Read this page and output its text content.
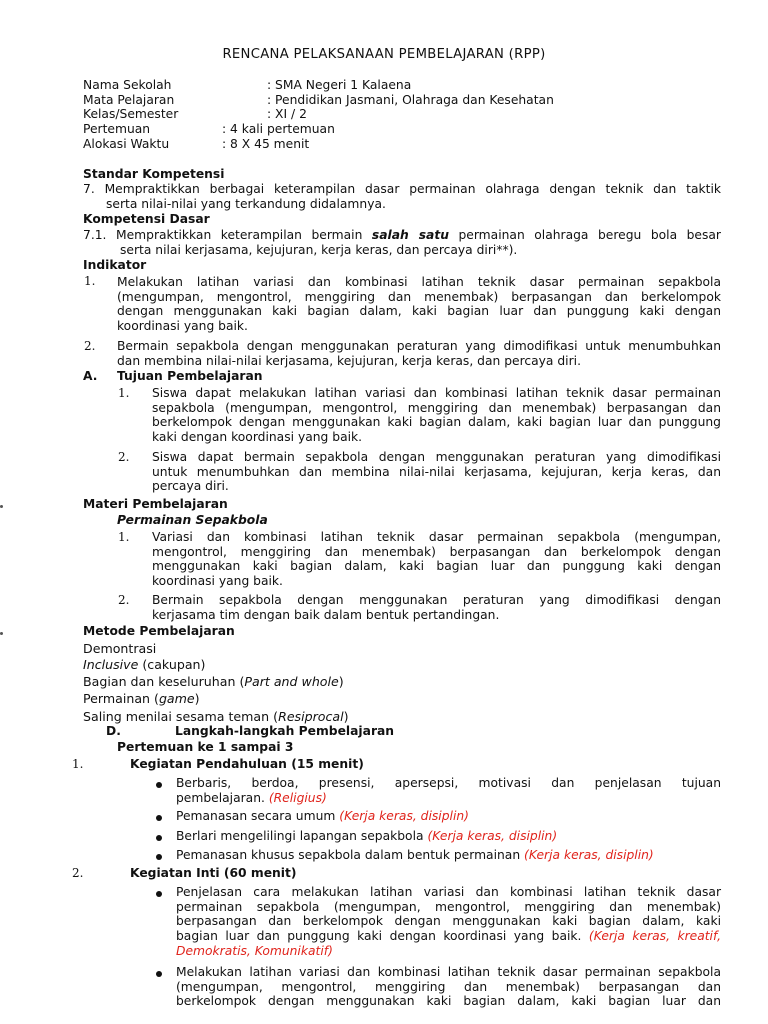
RENCANA PELAKSANAAN PEMBELAJARAN (RPP)
Nama Sekolah	: SMA Negeri 1 Kalaena
Mata Pelajaran	: Pendidikan Jasmani, Olahraga dan Kesehatan
Kelas/Semester	: XI / 2
Pertemuan	: 4 kali pertemuan
Alokasi Waktu	: 8 X 45 menit
Standar Kompetensi
7. Mempraktikkan berbagai keterampilan dasar permainan olahraga dengan teknik dan taktik
serta nilai-nilai yang terkandung didalamnya.
Kompetensi Dasar
7.1. Mempraktikkan keterampilan bermain salah satu permainan olahraga beregu bola besar
serta nilai kerjasama, kejujuran, kerja keras, dan percaya diri**).
Indikator
1. Melakukan latihan variasi dan kombinasi latihan teknik dasar permainan sepakbola
(mengumpan, mengontrol, menggiring dan menembak) berpasangan dan berkelompok
dengan menggunakan kaki bagian dalam, kaki bagian luar dan punggung kaki dengan
koordinasi yang baik.
2. Bermain sepakbola dengan menggunakan peraturan yang dimodifikasi untuk menumbuhkan
dan membina nilai-nilai kerjasama, kejujuran, kerja keras, dan percaya diri.
A. Tujuan Pembelajaran
1. Siswa dapat melakukan latihan variasi dan kombinasi latihan teknik dasar permainan
sepakbola (mengumpan, mengontrol, menggiring dan menembak) berpasangan dan
berkelompok dengan menggunakan kaki bagian dalam, kaki bagian luar dan punggung
kaki dengan koordinasi yang baik.
2. Siswa dapat bermain sepakbola dengan menggunakan peraturan yang dimodifikasi
untuk menumbuhkan dan membina nilai-nilai kerjasama, kejujuran, kerja keras, dan
percaya diri.
Materi Pembelajaran
Permainan Sepakbola
1. Variasi dan kombinasi latihan teknik dasar permainan sepakbola (mengumpan,
mengontrol, menggiring dan menembak) berpasangan dan berkelompok dengan
menggunakan kaki bagian dalam, kaki bagian luar dan punggung kaki dengan
koordinasi yang baik.
2. Bermain sepakbola dengan menggunakan peraturan yang dimodifikasi dengan
kerjasama tim dengan baik dalam bentuk pertandingan.
Metode Pembelajaran
Demontrasi
Inclusive (cakupan)
Bagian dan keseluruhan (Part and whole)
Permainan (game)
Saling menilai sesama teman (Resiprocal)
D.	Langkah-langkah Pembelajaran
Pertemuan ke 1 sampai 3
1.	Kegiatan Pendahuluan (15 menit)
Berbaris, berdoa, presensi, apersepsi, motivasi dan penjelasan tujuan
pembelajaran. (Religius)
Pemanasan secara umum (Kerja keras, disiplin)
Berlari mengelilingi lapangan sepakbola (Kerja keras, disiplin)
Pemanasan khusus sepakbola dalam bentuk permainan (Kerja keras, disiplin)
2.	Kegiatan Inti (60 menit)
Penjelasan cara melakukan latihan variasi dan kombinasi latihan teknik dasar
permainan sepakbola (mengumpan, mengontrol, menggiring dan menembak)
berpasangan dan berkelompok dengan menggunakan kaki bagian dalam, kaki
bagian luar dan punggung kaki dengan koordinasi yang baik. (Kerja keras, kreatif,
Demokratis, Komunikatif)
Melakukan latihan variasi dan kombinasi latihan teknik dasar permainan sepakbola
(mengumpan, mengontrol, menggiring dan menembak) berpasangan dan
berkelompok dengan menggunakan kaki bagian dalam, kaki bagian luar dan
